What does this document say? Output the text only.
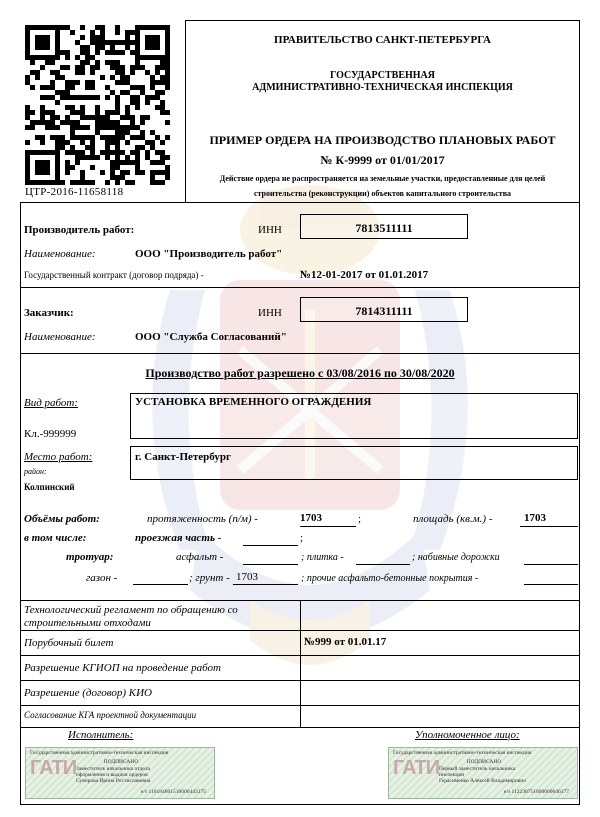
ЦТР-2016-11658118
ПРАВИТЕЛЬСТВО САНКТ-ПЕТЕРБУРГА
ГОСУДАРСТВЕННАЯ
АДМИНИСТРАТИВНО-ТЕХНИЧЕСКАЯ ИНСПЕКЦИЯ
ПРИМЕР ОРДЕРА НА ПРОИЗВОДСТВО ПЛАНОВЫХ РАБОТ
№ К-9999 от 01/01/2017
Действие ордера не распространяется на земельные участки, предоставленные для целей
строительства (реконструкции) объектов капитального строительства
Производитель работ:	ИНН	7813511111
Наименование:	ООО "Производитель работ"
Государственный контракт (договор подряда) -	№12-01-2017 от 01.01.2017
Заказчик:	ИНН	7814311111
Наименование:	ООО "Служба Согласований"
Производство работ разрешено с 03/08/2016 по 30/08/2020
Вид работ:	УСТАНОВКА ВРЕМЕННОГО ОГРАЖДЕНИЯ
Кл.-999999
Место работ:	г. Санкт-Петербург
район:
Колпинский
Объёмы работ:	протяженность (п/м) -	1703	;	площадь (кв.м.) -	1703
в том числе:	проезжая часть -	;
тротуар:	асфальт -	; плитка -	; набивные дорожки
газон -	; грунт - 1703	; прочие асфальто-бетонные покрытия -
Технологический регламент по обращению со
строительными отходами
Порубочный билет	№999 от 01.01.17
Разрешение КГИОП на проведение работ
Разрешение (договор) КИО
Согласование КГА проектной документации
Исполнитель:	Уполномоченное лицо:
Государственная административно-техническая инспекция
ГАТИ	ПОДПИСАНО
Заместитель начальника отдела
оформления и выдачи ордеров
Суворова Ирина Ростиславовна
е/з 116184801510000443175
Государственная административно-техническая инспекция
ГАТИ	ПОДПИСАНО
Первый заместитель начальника
инспекции
Герасименко Алексей Владимирович
е/з 112238751800000046177
